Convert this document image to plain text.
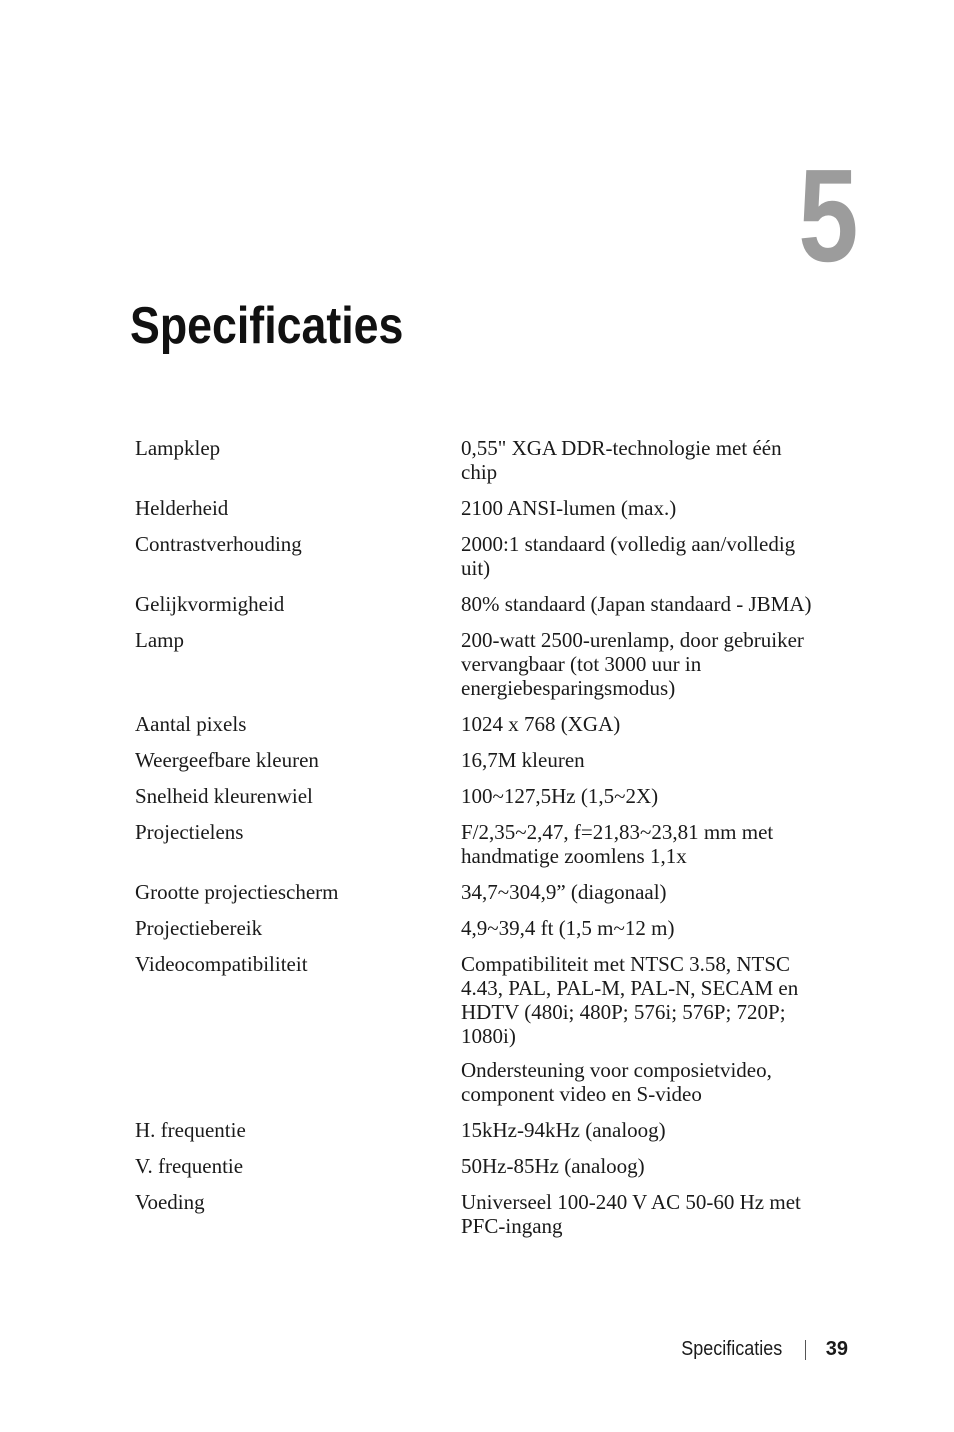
5
Specificaties
Lampklep	0,55" XGA DDR-technologie met één chip

Helderheid	2100 ANSI-lumen (max.)

Contrastverhouding	2000:1 standaard (volledig aan/volledig uit)

Gelijkvormigheid	80% standaard (Japan standaard - JBMA)

Lamp	200-watt 2500-urenlamp, door gebruiker vervangbaar (tot 3000 uur in energiebesparingsmodus)

Aantal pixels	1024 x 768 (XGA)

Weergeefbare kleuren	16,7M kleuren

Snelheid kleurenwiel	100~127,5Hz (1,5~2X)

Projectielens	F/2,35~2,47, f=21,83~23,81 mm met handmatige zoomlens 1,1x

Grootte projectiescherm	34,7~304,9” (diagonaal)

Projectiebereik	4,9~39,4 ft (1,5 m~12 m)

Videocompatibiliteit	Compatibiliteit met NTSC 3.58, NTSC 4.43, PAL, PAL-M, PAL-N, SECAM en HDTV (480i; 480P; 576i; 576P; 720P; 1080i)

Ondersteuning voor composietvideo, component video en S-video

H. frequentie	15kHz-94kHz (analoog)

V. frequentie	50Hz-85Hz (analoog)

Voeding	Universeel 100-240 V AC 50-60 Hz met PFC-ingang

Specificaties 39
